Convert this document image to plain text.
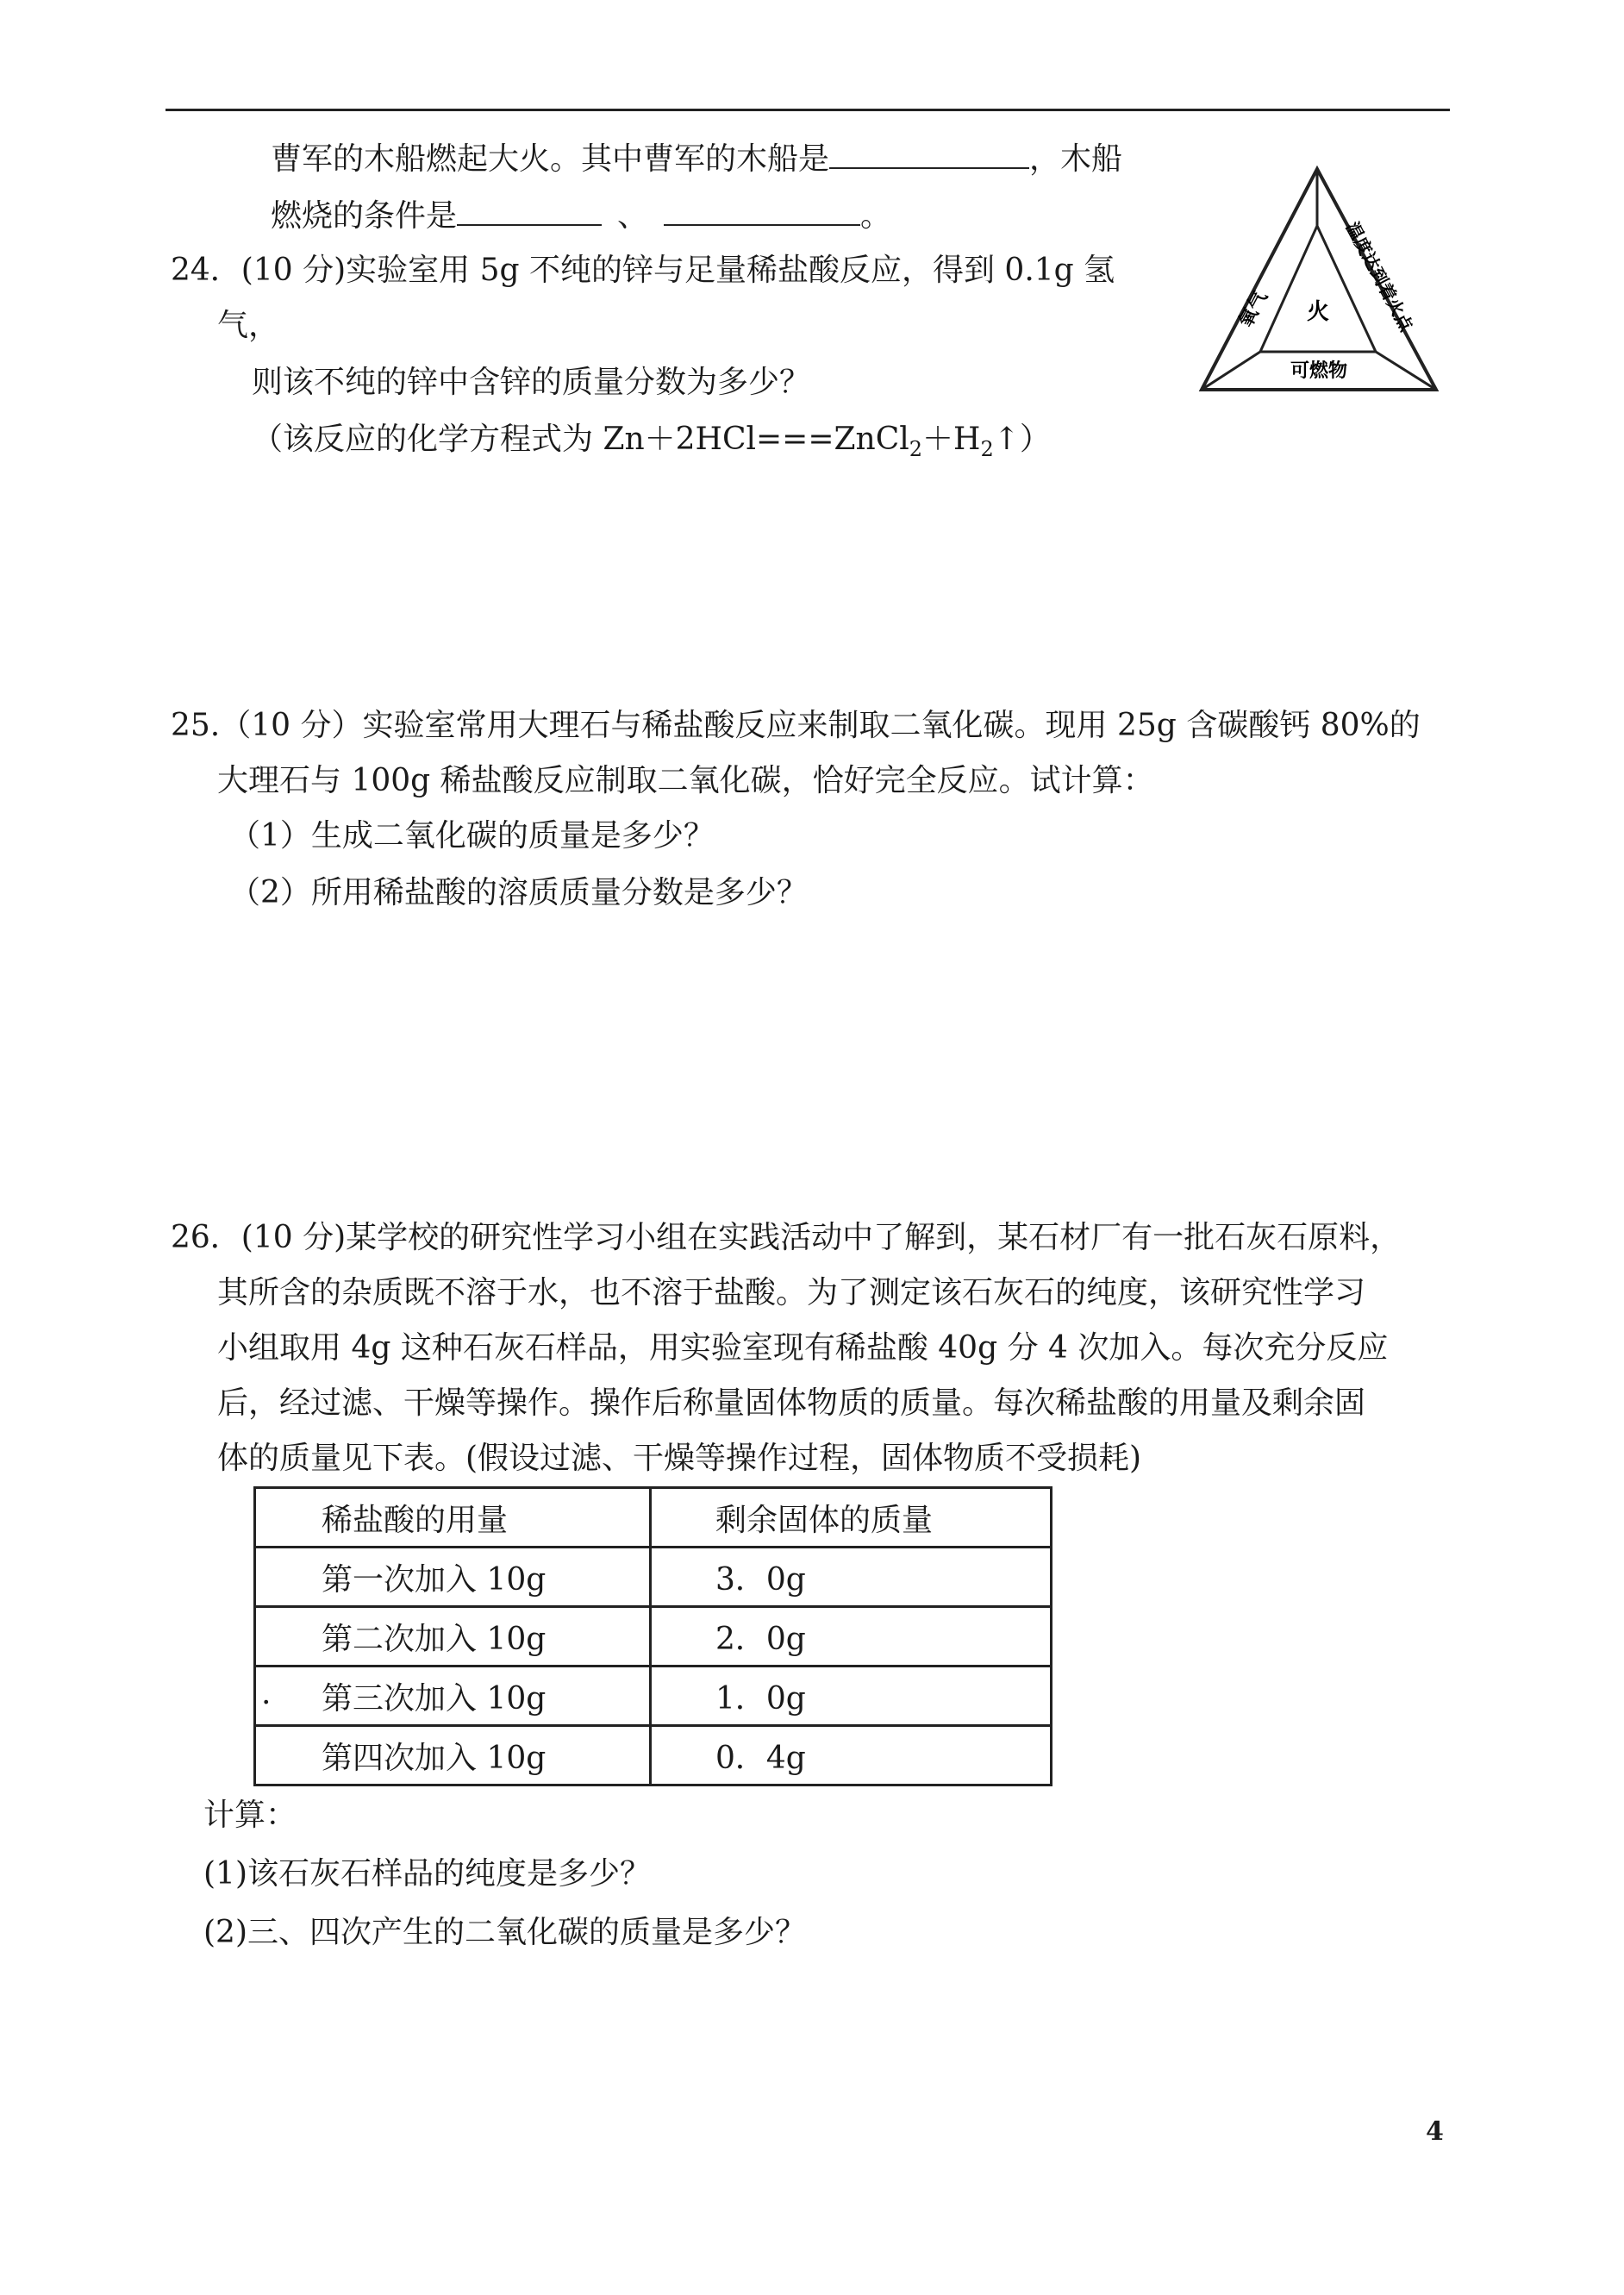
曹军的木船燃起大火。其中曹军的木船是	，木船
燃烧的条件是	、	。
火
可燃物
氧气	温度达到着火点
24．(10 分)实验室用 5g 不纯的锌与足量稀盐酸反应，得到 0.1g 氢
气，
则该不纯的锌中含锌的质量分数为多少？
（该反应的化学方程式为 $Zn+2HCl===ZnCl_2+H_2↑$）
25.（10 分）实验室常用大理石与稀盐酸反应来制取二氧化碳。现用 25g 含碳酸钙 80%的
大理石与 100g 稀盐酸反应制取二氧化碳，恰好完全反应。试计算：
（1）生成二氧化碳的质量是多少？
（2）所用稀盐酸的溶质质量分数是多少？
26．(10 分)某学校的研究性学习小组在实践活动中了解到，某石材厂有一批石灰石原料，
其所含的杂质既不溶于水，也不溶于盐酸。为了测定该石灰石的纯度，该研究性学习
小组取用 4g 这种石灰石样品，用实验室现有稀盐酸 40g 分 4 次加入。每次充分反应
后，经过滤、干燥等操作。操作后称量固体物质的质量。每次稀盐酸的用量及剩余固
体的质量见下表。(假设过滤、干燥等操作过程，固体物质不受损耗)
稀盐酸的用量	剩余固体的质量
第一次加入 10g	3．0g
第二次加入 10g	2．0g

. 第三次加入 10g	1．0g
第四次加入 10g	0．4g
计算：
(1)该石灰石样品的纯度是多少？
(2)三、四次产生的二氧化碳的质量是多少？
4
